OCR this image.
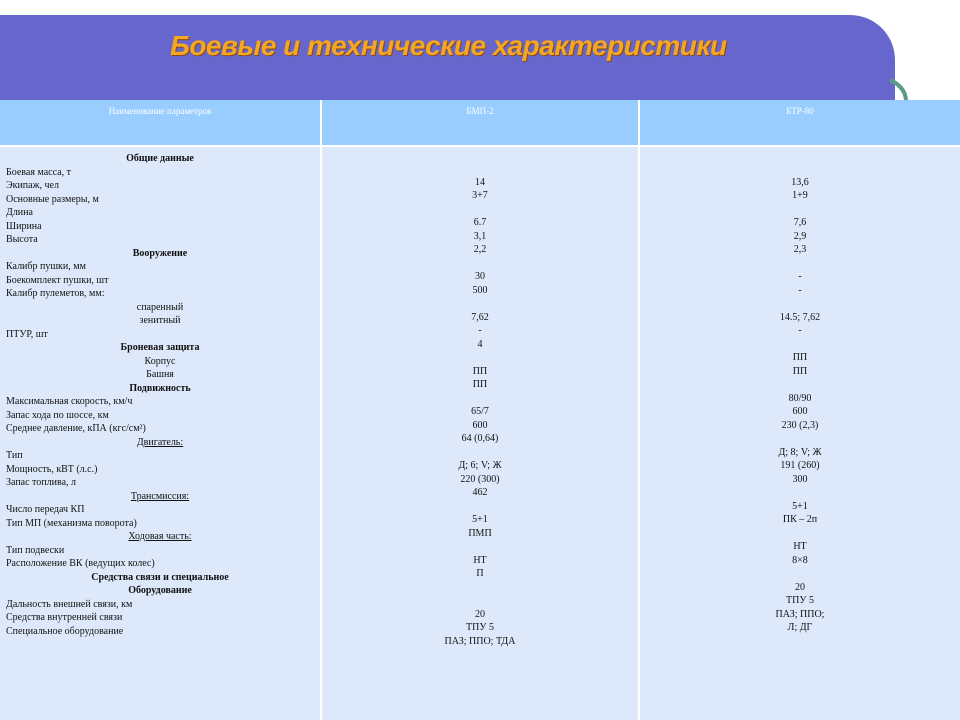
Боевые и технические характеристики
Наименование параметров	БМП-2	БТР-80
Общие данные
Боевая масса, т
Экипаж, чел
Основные размеры, м
Длина
Ширина
Высота
Вооружение
Калибр пушки, мм
Боекомплект пушки, шт
Калибр пулеметов, мм:
спаренный
зенитный
ПТУР, шт
Броневая защита
Корпус
Башня
Подвижность
Максимальная скорость, км/ч
Запас хода по шоссе, км
Среднее давление, кПА (кгс/см²)
Двигатель:
Тип
Мощность, кВТ (л.с.)
Запас топлива, л
Трансмиссия:
Число передач КП
Тип МП (механизма поворота)
Ходовая часть:
Тип подвески
Расположение ВК (ведущих колес)
Средства связи и специальное
Оборудование
Дальность внешней связи, км
Средства внутренней связи
Специальное оборудование
14
3+7
6.7
3,1
2,2
30
500
7,62
-
4
ПП
ПП
65/7
600
64 (0,64)
Д; 6; V; Ж
220 (300)
462
5+1
ПМП
НТ
П
20
ТПУ 5
ПАЗ; ППО; ТДА
13,6
1+9
7,6
2,9
2,3
-
-
14.5; 7,62
-
ПП
ПП
80/90
600
230 (2,3)
Д; 8; V; Ж
191 (260)
300
5+1
ПК – 2п
НТ
8×8
20
ТПУ 5
ПАЗ; ППО;
Л; ДГ
